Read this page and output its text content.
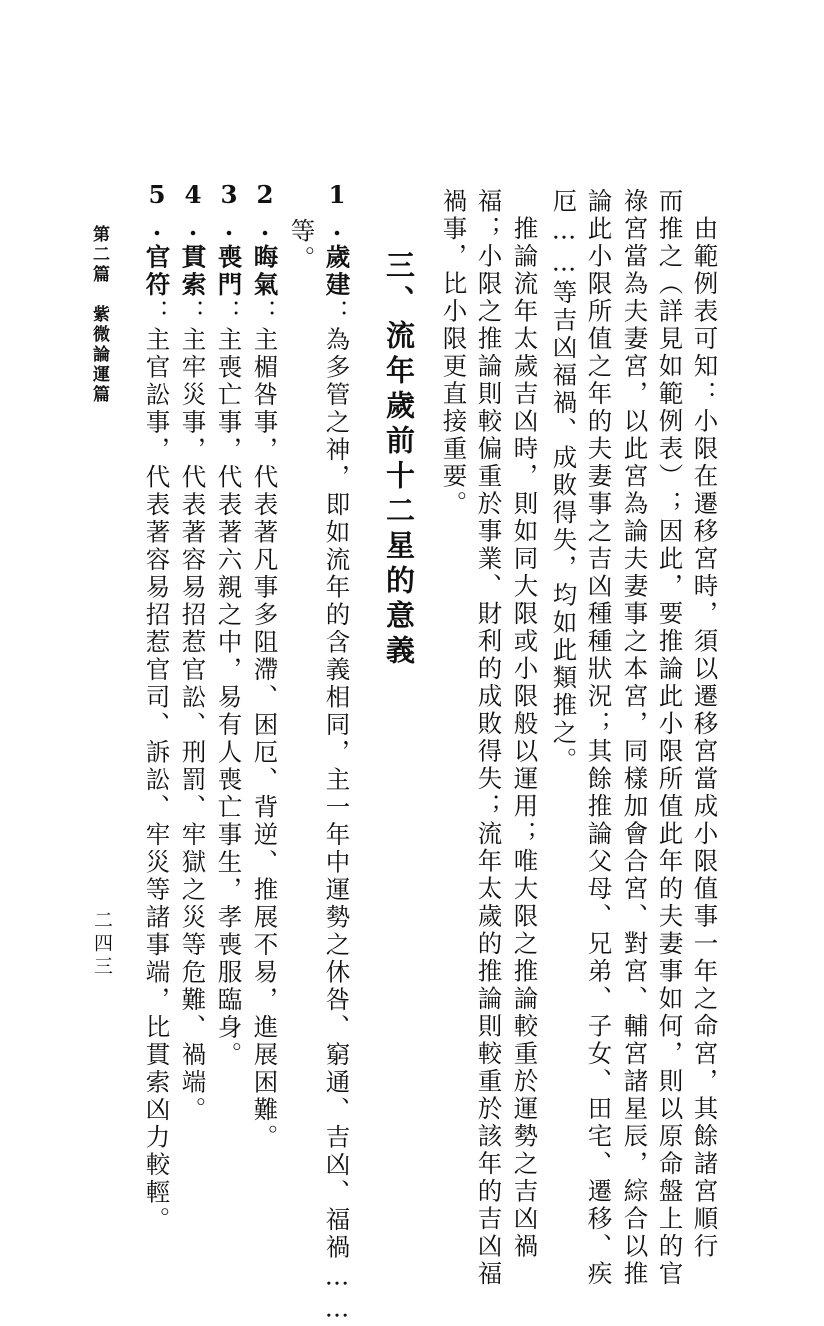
　由範例表可知：小限在遷移宮時，須以遷移宮當成小限值事一年之命宮，其餘諸宮順行
而推之（詳見如範例表）；因此，要推論此小限所值此年的夫妻事如何，則以原命盤上的官
祿宮當為夫妻宮，以此宮為論夫妻事之本宮，同樣加會合宮、對宮、輔宮諸星辰，綜合以推
論此小限所值之年的夫妻事之吉凶種種狀況；其餘推論父母、兄弟、子女、田宅、遷移、疾
厄……等吉凶福禍、成敗得失，均如此類推之。
　推論流年太歲吉凶時，則如同大限或小限般以運用；唯大限之推論較重於運勢之吉凶禍
福；小限之推論則較偏重於事業、財利的成敗得失；流年太歲的推論則較重於該年的吉凶福
禍事，比小限更直接重要。
三、流年歲前十二星的意義
1.歲建：為多管之神，即如流年的含義相同，主一年中運勢之休咎、窮通、吉凶、福禍……
等。
2.晦氣：主楣咎事，代表著凡事多阻滯、困厄、背逆、推展不易，進展困難。
3.喪門：主喪亡事，代表著六親之中，易有人喪亡事生，孝喪服臨身。
4.貫索：主牢災事，代表著容易招惹官訟、刑罰、牢獄之災等危難、禍端。
5.官符：主官訟事，代表著容易招惹官司、訴訟、牢災等諸事端，比貫索凶力較輕。
第二篇　紫微論運篇
二四三
